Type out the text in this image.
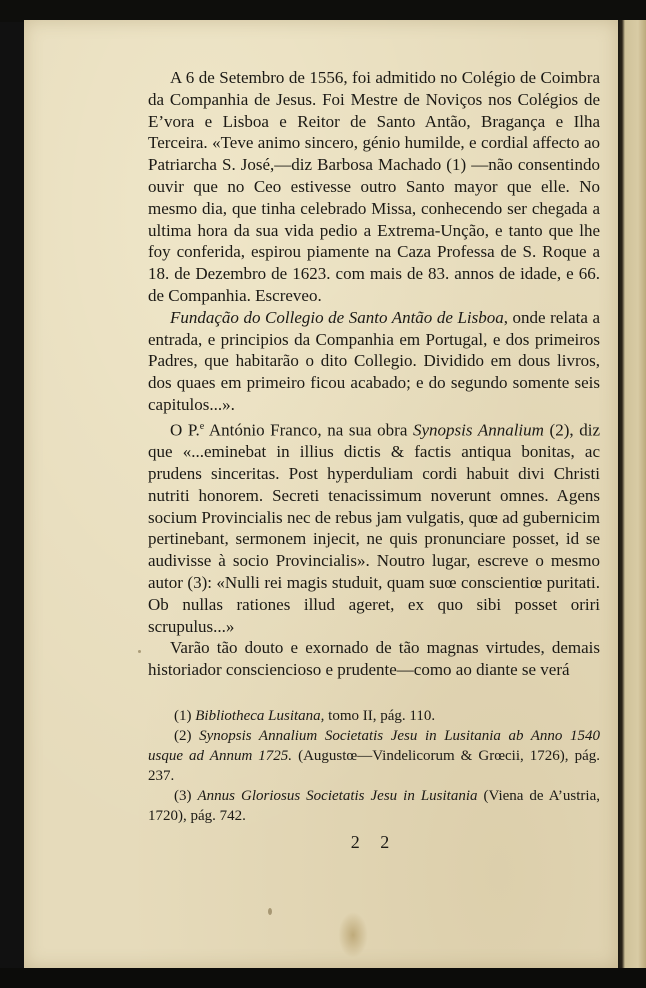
A 6 de Setembro de 1556, foi admitido no Colégio de Coimbra da Companhia de Jesus. Foi Mestre de Noviços nos Colégios de E’vora e Lisboa e Reitor de Santo Antão, Bragança e Ilha Terceira. «Teve animo sincero, génio humilde, e cordial affecto ao Patriarcha S. José,—diz Barbosa Machado (1) —não consentindo ouvir que no Ceo estivesse outro Santo mayor que elle. No mesmo dia, que tinha celebrado Missa, conhecendo ser chegada a ultima hora da sua vida pedio a Extrema-Unção, e tanto que lhe foy conferida, espirou piamente na Caza Professa de S. Roque a 18. de Dezembro de 1623. com mais de 83. annos de idade, e 66. de Companhia. Escreveo.

Fundação do Collegio de Santo Antão de Lisboa, onde relata a entrada, e principios da Companhia em Portugal, e dos primeiros Padres, que habitarão o dito Collegio. Dividido em dous livros, dos quaes em primeiro ficou acabado; e do segundo somente seis capitulos...».

O P.$^e$ António Franco, na sua obra Synopsis Annalium (2), diz que «...eminebat in illius dictis & factis antiqua bonitas, ac prudens sinceritas. Post hyperduliam cordi habuit divi Christi nutriti honorem. Secreti tenacissimum noverunt omnes. Agens socium Provincialis nec de rebus jam vulgatis, quœ ad gubernicim pertinebant, sermonem injecit, ne quis pronunciare posset, id se audivisse à socio Provincialis». Noutro lugar, escreve o mesmo autor (3): «Nulli rei magis studuit, quam suœ conscientiœ puritati. Ob nullas rationes illud ageret, ex quo sibi posset oriri scrupulus...»

Varão tão douto e exornado de tão magnas virtudes, demais historiador consciencioso e prudente—como ao diante se verá

(1) Bibliotheca Lusitana, tomo II, pág. 110.

(2) Synopsis Annalium Societatis Jesu in Lusitania ab Anno 1540 usque ad Annum 1725. (Augustœ—Vindelicorum & Grœcii, 1726), pág. 237.

(3) Annus Gloriosus Societatis Jesu in Lusitania (Viena de A’ustria, 1720), pág. 742.

2 2
